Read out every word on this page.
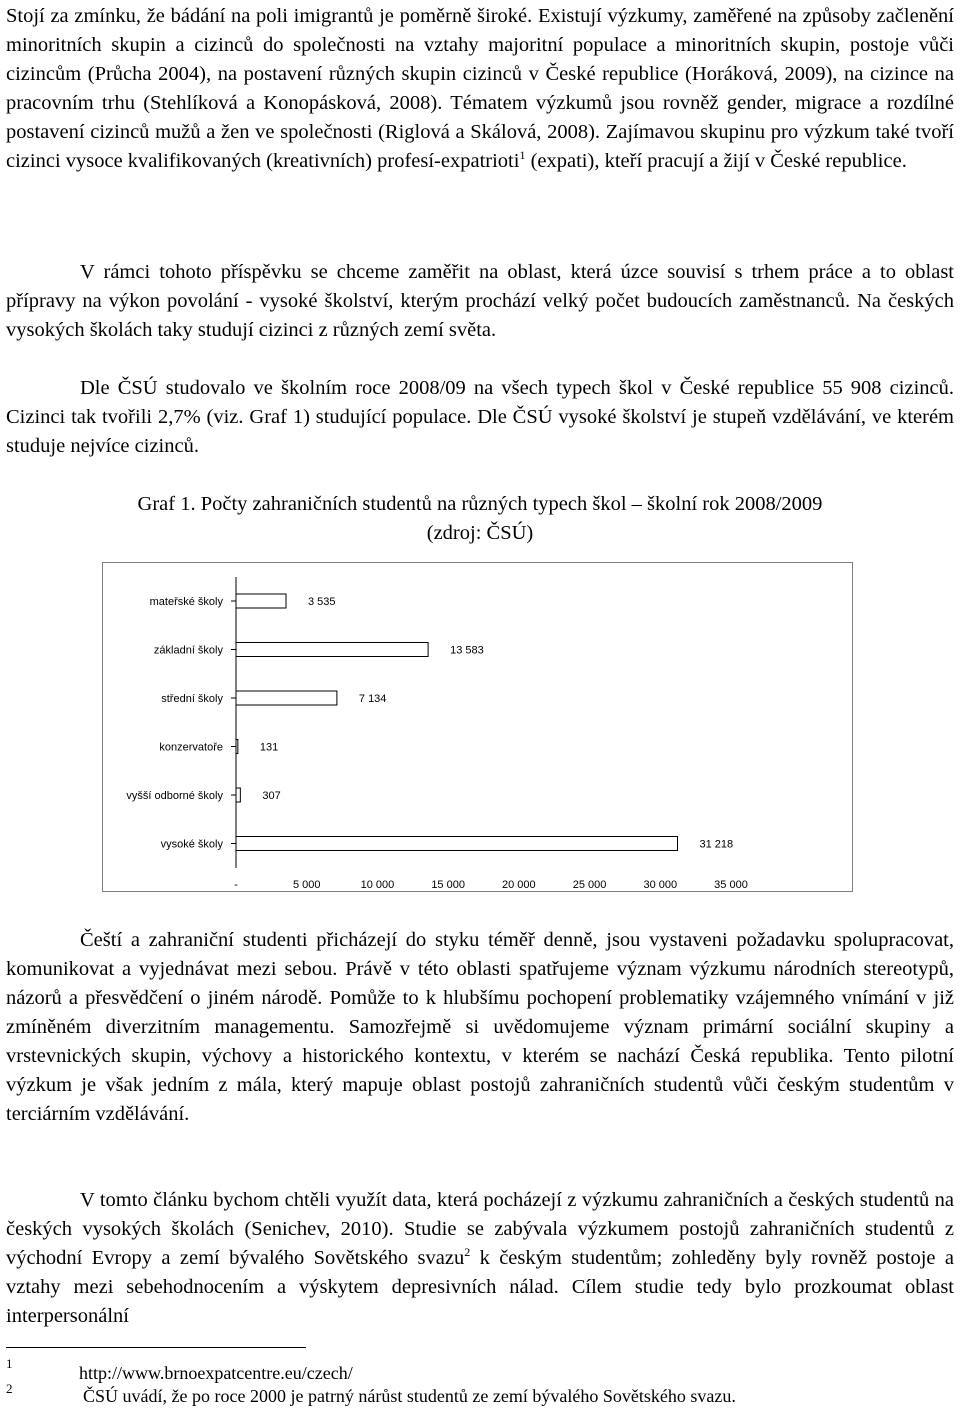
Stojí za zmínku, že bádání na poli imigrantů je poměrně široké. Existují výzkumy, zaměřené na způsoby začlenění minoritních skupin a cizinců do společnosti na vztahy majoritní populace a minoritních skupin, postoje vůči cizincům (Průcha 2004), na postavení různých skupin cizinců v České republice (Horáková, 2009), na cizince na pracovním trhu (Stehlíková a Konopásková, 2008). Tématem výzkumů jsou rovněž gender, migrace a rozdílné postavení cizinců mužů a žen ve společnosti (Riglová a Skálová, 2008). Zajímavou skupinu pro výzkum také tvoří cizinci vysoce kvalifikovaných (kreativních) profesí-expatrioti$^1$ (expati), kteří pracují a žijí v České republice.

V rámci tohoto příspěvku se chceme zaměřit na oblast, která úzce souvisí s trhem práce a to oblast přípravy na výkon povolání - vysoké školství, kterým prochází velký počet budoucích zaměstnanců. Na českých vysokých školách taky studují cizinci z různých zemí světa.

Dle ČSÚ studovalo ve školním roce 2008/09 na všech typech škol v České republice 55 908 cizinců. Cizinci tak tvořili 2,7% (viz. Graf 1) studující populace. Dle ČSÚ vysoké školství je stupeň vzdělávání, ve kterém studuje nejvíce cizinců.

Graf 1. Počty zahraničních studentů na různých typech škol – školní rok 2008/2009
(zdroj: ČSÚ)

mateřské školy	3 535
základní školy	13 583
střední školy	7 134
konzervatoře	131
vyšší odborné školy	307
vysoké školy	31 218
-	5 000	10 000	15 000	20 000	25 000	30 000	35 000

Čeští a zahraniční studenti přicházejí do styku téměř denně, jsou vystaveni požadavku spolupracovat, komunikovat a vyjednávat mezi sebou. Právě v této oblasti spatřujeme význam výzkumu národních stereotypů, názorů a přesvědčení o jiném národě. Pomůže to k hlubšímu pochopení problematiky vzájemného vnímání v již zmíněném diverzitním managementu. Samozřejmě si uvědomujeme význam primární sociální skupiny a vrstevnických skupin, výchovy a historického kontextu, v kterém se nachází Česká republika. Tento pilotní výzkum je však jedním z mála, který mapuje oblast postojů zahraničních studentů vůči českým studentům v terciárním vzdělávání.

V tomto článku bychom chtěli využít data, která pocházejí z výzkumu zahraničních a českých studentů na českých vysokých školách (Senichev, 2010). Studie se zabývala výzkumem postojů zahraničních studentů z východní Evropy a zemí bývalého Sovětského svazu$^2$ k českým studentům; zohleděny byly rovněž postoje a vztahy mezi sebehodnocením a výskytem depresivních nálad. Cílem studie tedy bylo prozkoumat oblast interpersonální

1	http://www.brnoexpatcentre.eu/czech/
2	ČSÚ uvádí, že po roce 2000 je patrný nárůst studentů ze zemí bývalého Sovětského svazu.
